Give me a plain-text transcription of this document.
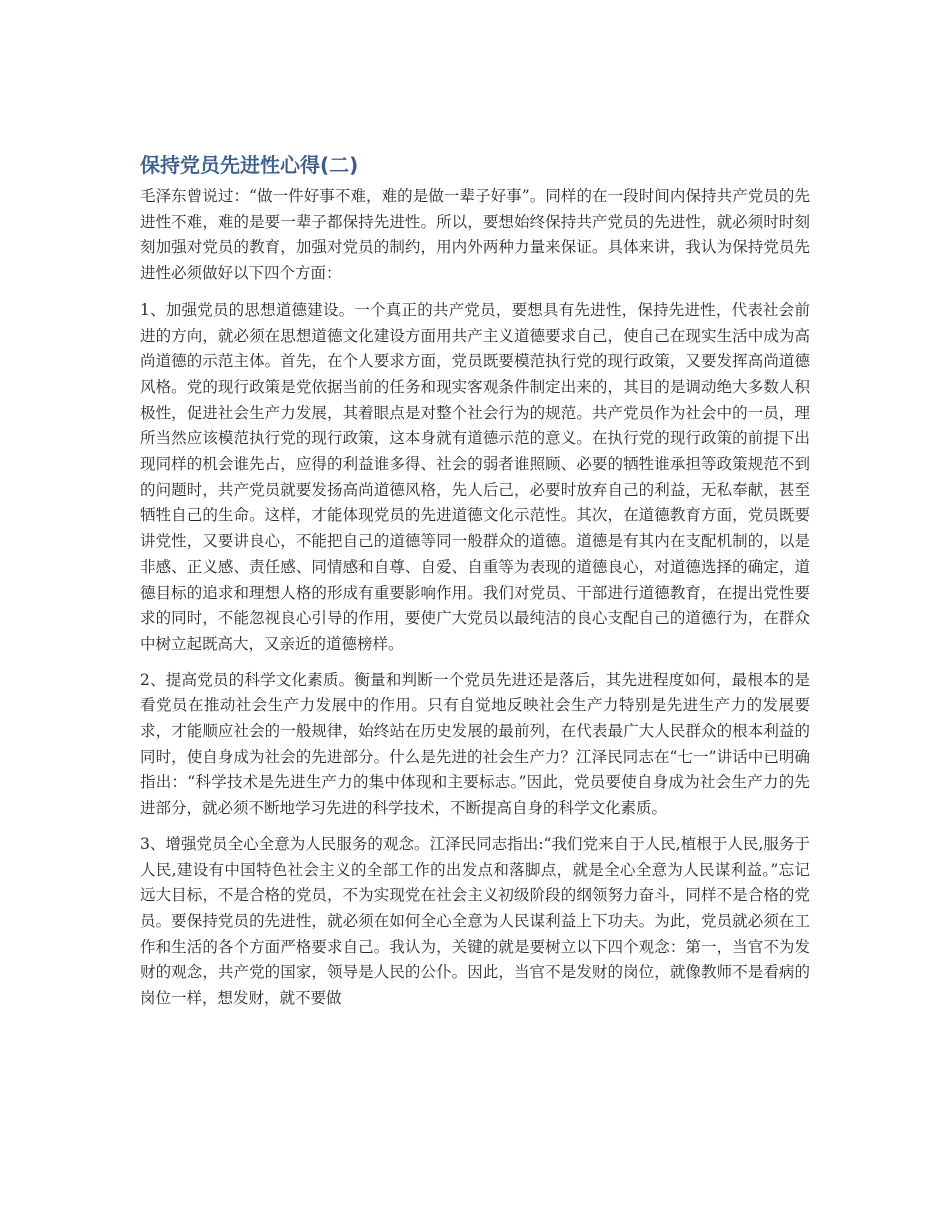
保持党员先进性心得(二)

毛泽东曾说过：“做一件好事不难，难的是做一辈子好事”。同样的在一段时间内保持共产党员的先进性不难，难的是要一辈子都保持先进性。所以，要想始终保持共产党员的先进性，就必须时时刻刻加强对党员的教育，加强对党员的制约，用内外两种力量来保证。具体来讲，我认为保持党员先进性必须做好以下四个方面：

1、加强党员的思想道德建设。一个真正的共产党员，要想具有先进性，保持先进性，代表社会前进的方向，就必须在思想道德文化建设方面用共产主义道德要求自己，使自己在现实生活中成为高尚道德的示范主体。首先，在个人要求方面，党员既要模范执行党的现行政策，又要发挥高尚道德风格。党的现行政策是党依据当前的任务和现实客观条件制定出来的，其目的是调动绝大多数人积极性，促进社会生产力发展，其着眼点是对整个社会行为的规范。共产党员作为社会中的一员，理所当然应该模范执行党的现行政策，这本身就有道德示范的意义。在执行党的现行政策的前提下出现同样的机会谁先占，应得的利益谁多得、社会的弱者谁照顾、必要的牺牲谁承担等政策规范不到的问题时，共产党员就要发扬高尚道德风格，先人后己，必要时放弃自己的利益，无私奉献，甚至牺牲自己的生命。这样，才能体现党员的先进道德文化示范性。其次，在道德教育方面，党员既要讲党性，又要讲良心，不能把自己的道德等同一般群众的道德。道德是有其内在支配机制的，以是非感、正义感、责任感、同情感和自尊、自爱、自重等为表现的道德良心，对道德选择的确定，道德目标的追求和理想人格的形成有重要影响作用。我们对党员、干部进行道德教育，在提出党性要求的同时，不能忽视良心引导的作用，要使广大党员以最纯洁的良心支配自己的道德行为，在群众中树立起既高大，又亲近的道德榜样。

2、提高党员的科学文化素质。衡量和判断一个党员先进还是落后，其先进程度如何，最根本的是看党员在推动社会生产力发展中的作用。只有自觉地反映社会生产力特别是先进生产力的发展要求，才能顺应社会的一般规律，始终站在历史发展的最前列，在代表最广大人民群众的根本利益的同时，使自身成为社会的先进部分。什么是先进的社会生产力？江泽民同志在“七一”讲话中已明确指出：“科学技术是先进生产力的集中体现和主要标志。”因此，党员要使自身成为社会生产力的先进部分，就必须不断地学习先进的科学技术，不断提高自身的科学文化素质。

3、增强党员全心全意为人民服务的观念。江泽民同志指出:“我们党来自于人民,植根于人民,服务于人民,建设有中国特色社会主义的全部工作的出发点和落脚点，就是全心全意为人民谋利益。”忘记远大目标，不是合格的党员，不为实现党在社会主义初级阶段的纲领努力奋斗，同样不是合格的党员。要保持党员的先进性，就必须在如何全心全意为人民谋利益上下功夫。为此，党员就必须在工作和生活的各个方面严格要求自己。我认为，关键的就是要树立以下四个观念：第一，当官不为发财的观念，共产党的国家，领导是人民的公仆。因此，当官不是发财的岗位，就像教师不是看病的岗位一样，想发财，就不要做
